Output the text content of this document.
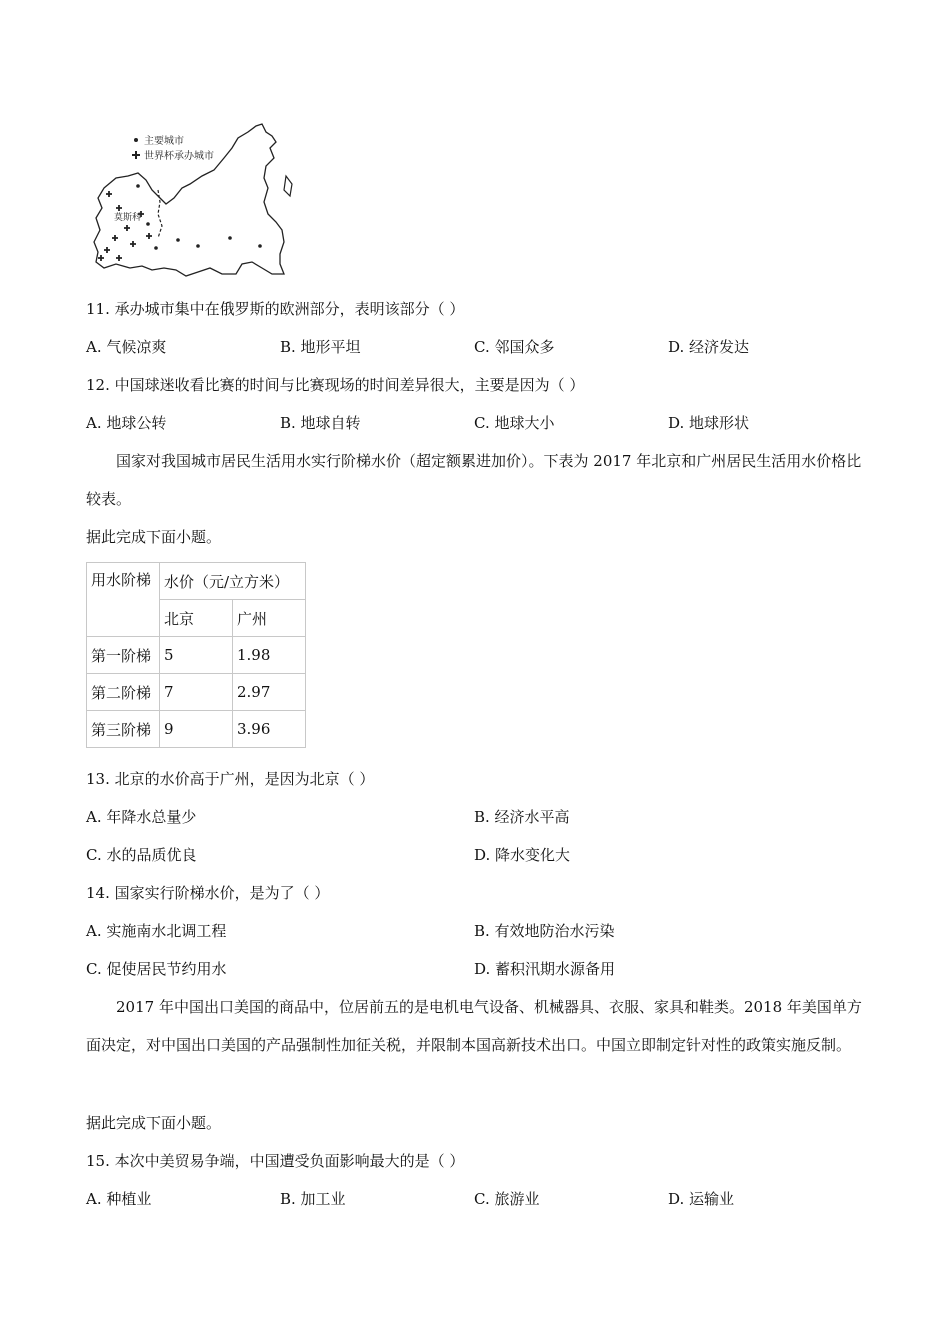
主要城市
世界杯承办城市
莫斯科
11. 承办城市集中在俄罗斯的欧洲部分，表明该部分（ ）
A. 气候凉爽	B. 地形平坦	C. 邻国众多	D. 经济发达
12. 中国球迷收看比赛的时间与比赛现场的时间差异很大，主要是因为（ ）
A. 地球公转	B. 地球自转	C. 地球大小	D. 地球形状
国家对我国城市居民生活用水实行阶梯水价（超定额累进加价）。下表为 2017 年北京和广州居民生活用水价格比较表。
据此完成下面小题。
用水阶梯	水价（元/立方米）	
	北京	广州
第一阶梯	5	1.98
第二阶梯	7	2.97
第三阶梯	9	3.96
13. 北京的水价高于广州，是因为北京（ ）
A. 年降水总量少	B. 经济水平高
C. 水的品质优良	D. 降水变化大
14. 国家实行阶梯水价，是为了（ ）
A. 实施南水北调工程	B. 有效地防治水污染
C. 促使居民节约用水	D. 蓄积汛期水源备用
2017 年中国出口美国的商品中，位居前五的是电机电气设备、机械器具、衣服、家具和鞋类。2018 年美国单方面决定，对中国出口美国的产品强制性加征关税，并限制本国高新技术出口。中国立即制定针对性的政策实施反制。
据此完成下面小题。
15. 本次中美贸易争端，中国遭受负面影响最大的是（ ）
A. 种植业	B. 加工业	C. 旅游业	D. 运输业
